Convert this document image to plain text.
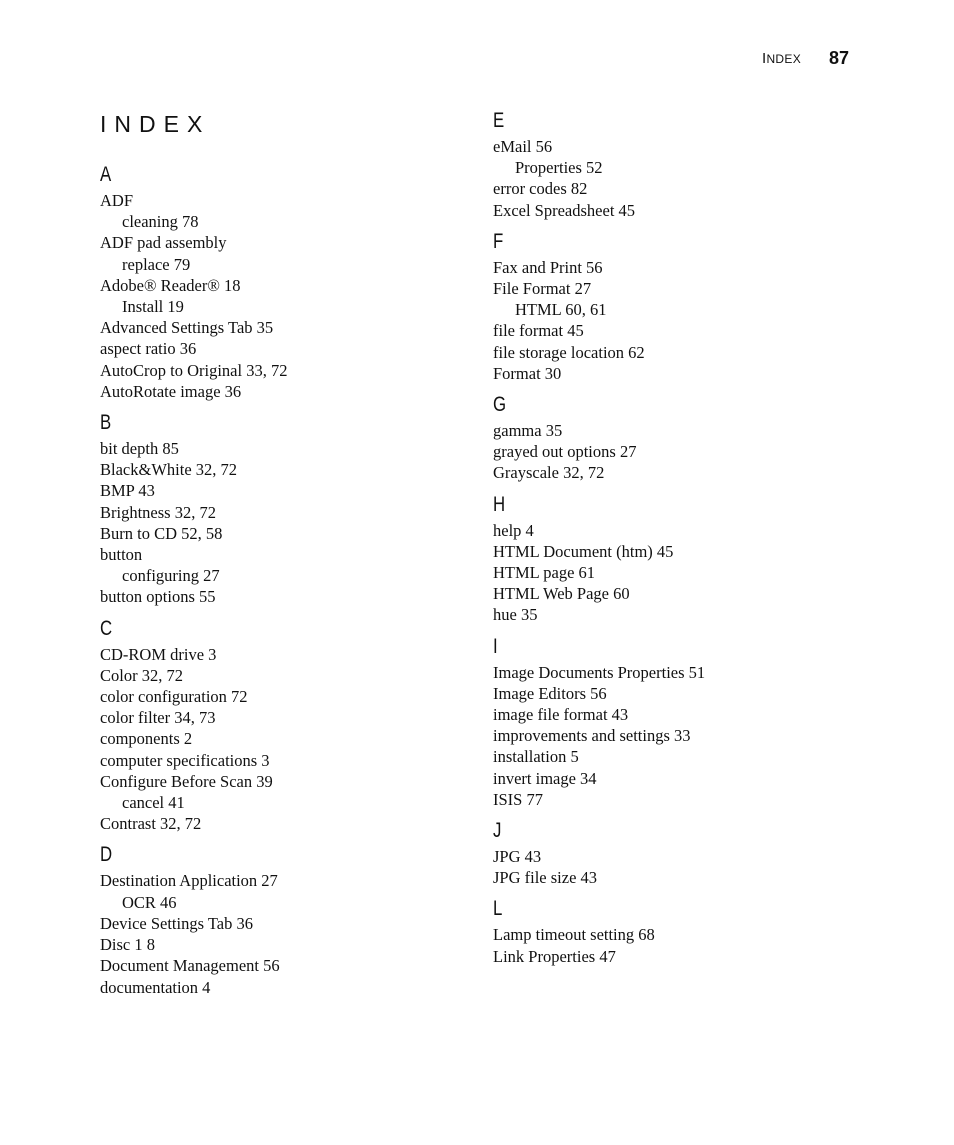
INDEX 87
INDEX
A
ADF
cleaning 78
ADF pad assembly
replace 79
Adobe® Reader® 18
Install 19
Advanced Settings Tab 35
aspect ratio 36
AutoCrop to Original 33, 72
AutoRotate image 36
B
bit depth 85
Black&White 32, 72
BMP 43
Brightness 32, 72
Burn to CD 52, 58
button
configuring 27
button options 55
C
CD-ROM drive 3
Color 32, 72
color configuration 72
color filter 34, 73
components 2
computer specifications 3
Configure Before Scan 39
cancel 41
Contrast 32, 72
D
Destination Application 27
OCR 46
Device Settings Tab 36
Disc 1 8
Document Management 56
documentation 4
E
eMail 56
Properties 52
error codes 82
Excel Spreadsheet 45
F
Fax and Print 56
File Format 27
HTML 60, 61
file format 45
file storage location 62
Format 30
G
gamma 35
grayed out options 27
Grayscale 32, 72
H
help 4
HTML Document (htm) 45
HTML page 61
HTML Web Page 60
hue 35
I
Image Documents Properties 51
Image Editors 56
image file format 43
improvements and settings 33
installation 5
invert image 34
ISIS 77
J
JPG 43
JPG file size 43
L
Lamp timeout setting 68
Link Properties 47
